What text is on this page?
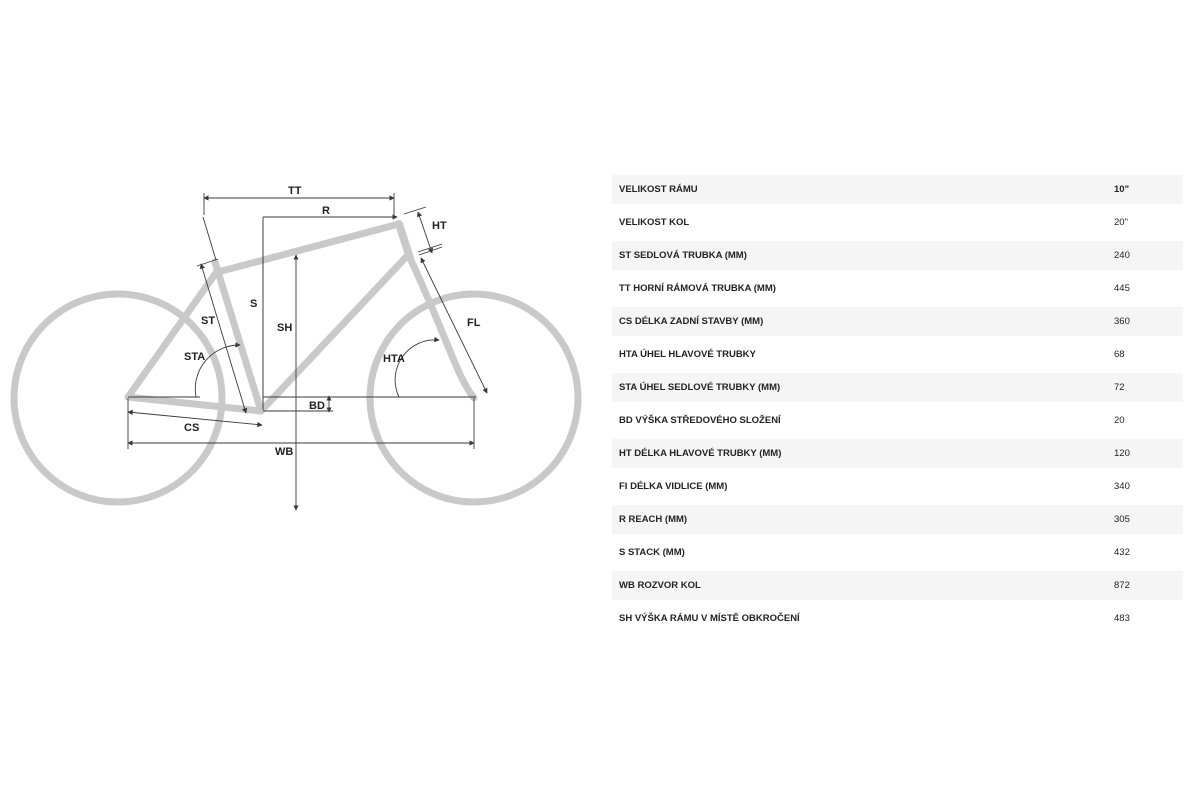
TT
R
HT
ST
S
SH	FL
STA	HTA
BD
CS
WB
VELIKOST RÁMU	10"
VELIKOST KOL	20"
ST SEDLOVÁ TRUBKA (MM)	240
TT HORNÍ RÁMOVÁ TRUBKA (MM)	445
CS DÉLKA ZADNÍ STAVBY (MM)	360
HTA ÚHEL HLAVOVÉ TRUBKY	68
STA ÚHEL SEDLOVÉ TRUBKY (MM)	72
BD VÝŠKA STŘEDOVÉHO SLOŽENÍ	20
HT DÉLKA HLAVOVÉ TRUBKY (MM)	120
FI DÉLKA VIDLICE (MM)	340
R REACH (MM)	305
S STACK (MM)	432
WB ROZVOR KOL	872
SH VÝŠKA RÁMU V MÍSTĚ OBKROČENÍ	483
